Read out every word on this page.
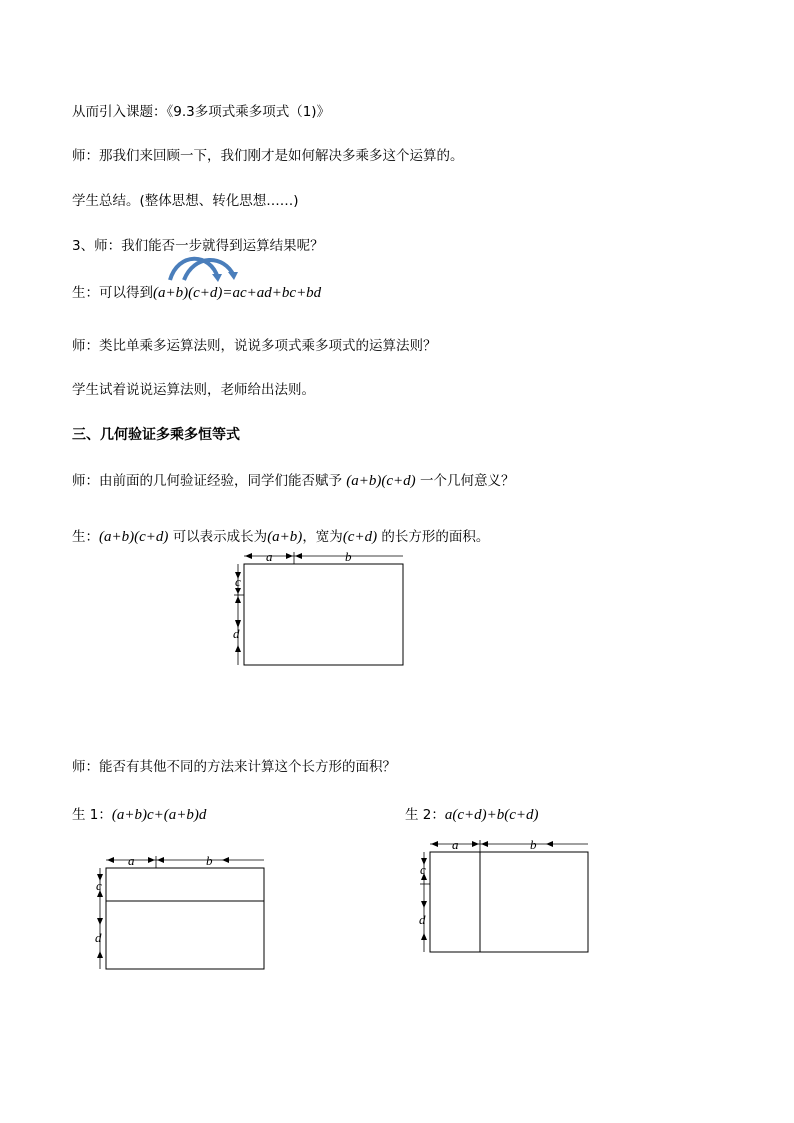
从而引入课题：《9.3多项式乘多项式（1)》
师：那我们来回顾一下，我们刚才是如何解决多乘多这个运算的。
学生总结。(整体思想、转化思想……)
3、师：我们能否一步就得到运算结果呢？
生：可以得到(a+b)(c+d)=ac+ad+bc+bd
师：类比单乘多运算法则，说说多项式乘多项式的运算法则？
学生试着说说运算法则，老师给出法则。
三、几何验证多乘多恒等式
师：由前面的几何验证经验，同学们能否赋予 (a+b)(c+d) 一个几何意义？
生：(a+b)(c+d) 可以表示成长为(a+b)，宽为(c+d) 的长方形的面积。
a	b
c
d
师：能否有其他不同的方法来计算这个长方形的面积？
生 1：(a+b)c+(a+b)d	生 2：a(c+d)+b(c+d)
a	b
c
d
a	b
c
d
